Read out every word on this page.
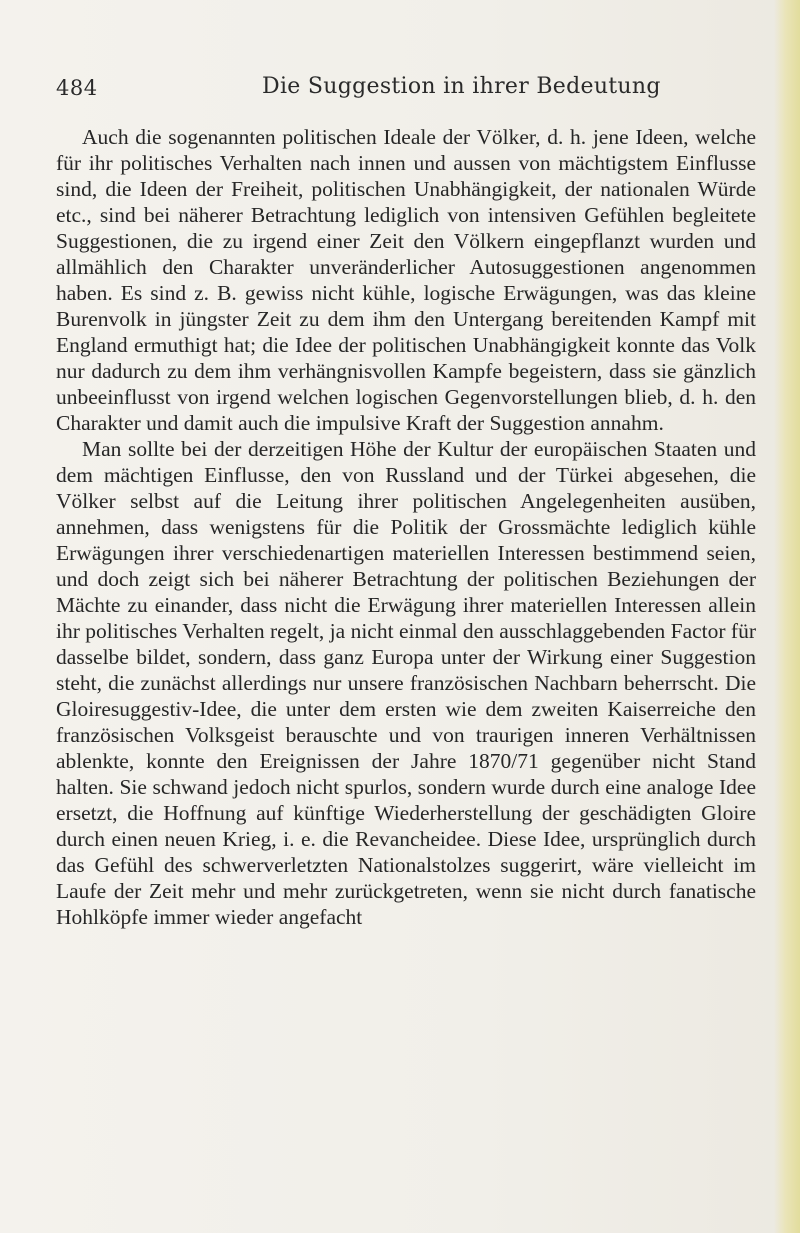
484	Die Suggestion in ihrer Bedeutung

Auch die sogenannten politischen Ideale der Völker, d. h. jene Ideen, welche für ihr politisches Verhalten nach innen und aussen von mächtigstem Einflusse sind, die Ideen der Freiheit, politischen Unabhängigkeit, der nationalen Würde etc., sind bei näherer Betrachtung lediglich von intensiven Gefühlen begleitete Suggestionen, die zu irgend einer Zeit den Völkern eingepflanzt wurden und allmählich den Charakter unveränderlicher Autosuggestionen angenommen haben. Es sind z. B. gewiss nicht kühle, logische Erwägungen, was das kleine Burenvolk in jüngster Zeit zu dem ihm den Untergang bereitenden Kampf mit England ermuthigt hat; die Idee der politischen Unabhängigkeit konnte das Volk nur dadurch zu dem ihm verhängnisvollen Kampfe begeistern, dass sie gänzlich unbeeinflusst von irgend welchen logischen Gegenvorstellungen blieb, d. h. den Charakter und damit auch die impulsive Kraft der Suggestion annahm.

Man sollte bei der derzeitigen Höhe der Kultur der europäischen Staaten und dem mächtigen Einflusse, den von Russland und der Türkei abgesehen, die Völker selbst auf die Leitung ihrer politischen Angelegenheiten ausüben, annehmen, dass wenigstens für die Politik der Grossmächte lediglich kühle Erwägungen ihrer verschiedenartigen materiellen Interessen bestimmend seien, und doch zeigt sich bei näherer Betrachtung der politischen Beziehungen der Mächte zu einander, dass nicht die Erwägung ihrer materiellen Interessen allein ihr politisches Verhalten regelt, ja nicht einmal den ausschlaggebenden Factor für dasselbe bildet, sondern, dass ganz Europa unter der Wirkung einer Suggestion steht, die zunächst allerdings nur unsere französischen Nachbarn beherrscht. Die Gloiresuggestiv-Idee, die unter dem ersten wie dem zweiten Kaiserreiche den französischen Volksgeist berauschte und von traurigen inneren Verhältnissen ablenkte, konnte den Ereignissen der Jahre 1870/71 gegenüber nicht Stand halten. Sie schwand jedoch nicht spurlos, sondern wurde durch eine analoge Idee ersetzt, die Hoffnung auf künftige Wiederherstellung der geschädigten Gloire durch einen neuen Krieg, i. e. die Revancheidee. Diese Idee, ursprünglich durch das Gefühl des schwerverletzten Nationalstolzes suggerirt, wäre vielleicht im Laufe der Zeit mehr und mehr zurückgetreten, wenn sie nicht durch fanatische Hohlköpfe immer wieder angefacht
